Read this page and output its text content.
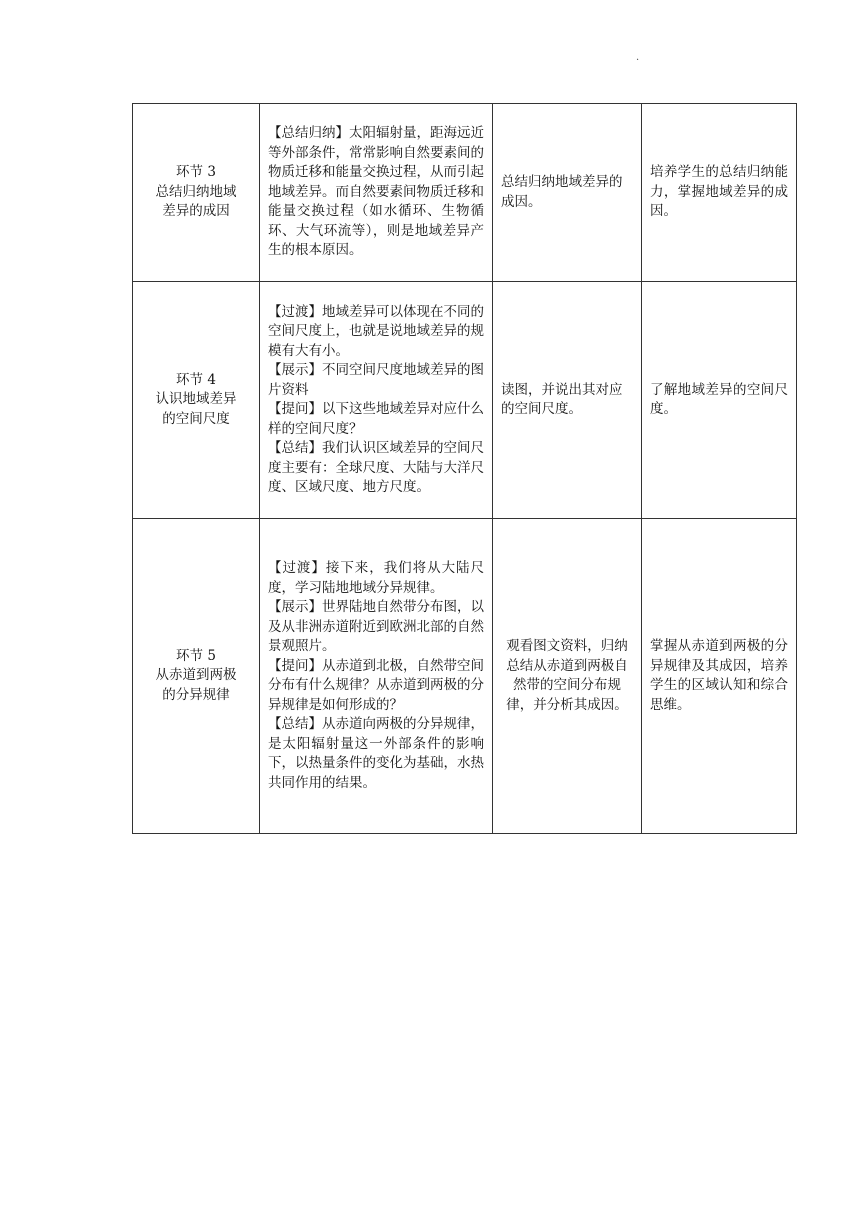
·
环节 3
总结归纳地域
差异的成因	【总结归纳】太阳辐射量，距海远近等外部条件，常常影响自然要素间的物质迁移和能量交换过程，从而引起地域差异。而自然要素间物质迁移和能量交换过程（如水循环、生物循环、大气环流等），则是地域差异产生的根本原因。	总结归纳地域差异的成因。	培养学生的总结归纳能力，掌握地域差异的成因。

环节 4
认识地域差异
的空间尺度	【过渡】地域差异可以体现在不同的空间尺度上，也就是说地域差异的规模有大有小。
【展示】不同空间尺度地域差异的图片资料
【提问】以下这些地域差异对应什么样的空间尺度？
【总结】我们认识区域差异的空间尺度主要有：全球尺度、大陆与大洋尺度、区域尺度、地方尺度。	读图，并说出其对应的空间尺度。	了解地域差异的空间尺度。

环节 5
从赤道到两极
的分异规律	【过渡】接下来，我们将从大陆尺度，学习陆地地域分异规律。
【展示】世界陆地自然带分布图，以及从非洲赤道附近到欧洲北部的自然景观照片。
【提问】从赤道到北极，自然带空间分布有什么规律？从赤道到两极的分异规律是如何形成的？
【总结】从赤道向两极的分异规律，是太阳辐射量这一外部条件的影响下，以热量条件的变化为基础，水热共同作用的结果。	观看图文资料，归纳总结从赤道到两极自然带的空间分布规律，并分析其成因。	掌握从赤道到两极的分异规律及其成因，培养学生的区域认知和综合思维。
